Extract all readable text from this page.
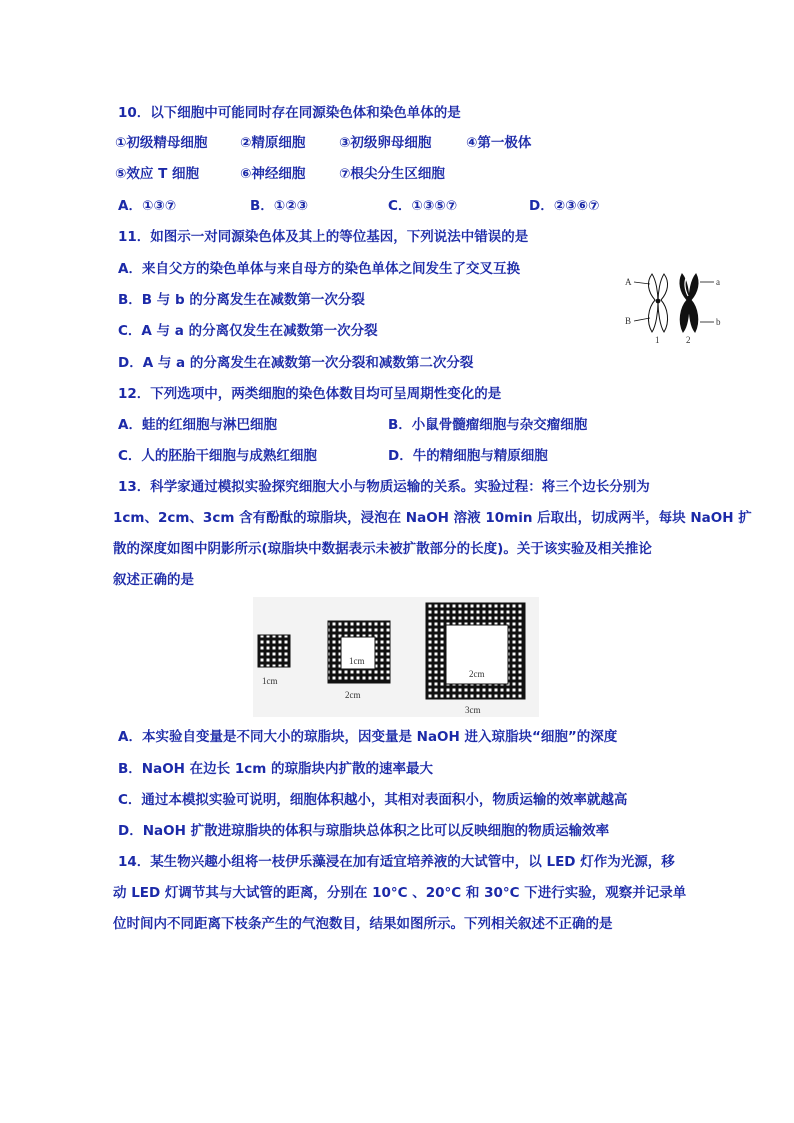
10．以下细胞中可能同时存在同源染色体和染色单体的是
①初级精母细胞 ②精原细胞 ③初级卵母细胞	④第一极体
⑤效应 T 细胞	⑥神经细胞 ⑦根尖分生区细胞
A．①③⑦	B．①②③	C．①③⑤⑦	D．②③⑥⑦
11．如图示一对同源染色体及其上的等位基因，下列说法中错误的是
A．来自父方的染色单体与来自母方的染色单体之间发生了交叉互换
B．B 与 b 的分离发生在减数第一次分裂
C．A 与 a 的分离仅发生在减数第一次分裂
D．A 与 a 的分离发生在减数第一次分裂和减数第二次分裂
A
B
a
b
1	2
12．下列选项中，两类细胞的染色体数目均可呈周期性变化的是
A．蛙的红细胞与淋巴细胞	B．小鼠骨髓瘤细胞与杂交瘤细胞
C．人的胚胎干细胞与成熟红细胞	D．牛的精细胞与精原细胞
13．科学家通过模拟实验探究细胞大小与物质运输的关系。实验过程：将三个边长分别为
1cm、2cm、3cm 含有酚酞的琼脂块，浸泡在 NaOH 溶液 10min 后取出，切成两半，每块 NaOH 扩
散的深度如图中阴影所示(琼脂块中数据表示未被扩散部分的长度)。关于该实验及相关推论
叙述正确的是
1cm
2cm
1cm
2cm
3cm
A．本实验自变量是不同大小的琼脂块，因变量是 NaOH 进入琼脂块“细胞”的深度
B．NaOH 在边长 1cm 的琼脂块内扩散的速率最大
C．通过本模拟实验可说明，细胞体积越小，其相对表面积小，物质运输的效率就越高
D．NaOH 扩散进琼脂块的体积与琼脂块总体积之比可以反映细胞的物质运输效率
14．某生物兴趣小组将一枝伊乐藻浸在加有适宜培养液的大试管中，以 LED 灯作为光源，移
动 LED 灯调节其与大试管的距离，分别在 10°C 、20°C 和 30°C 下进行实验，观察并记录单
位时间内不同距离下枝条产生的气泡数目，结果如图所示。下列相关叙述不正确的是
